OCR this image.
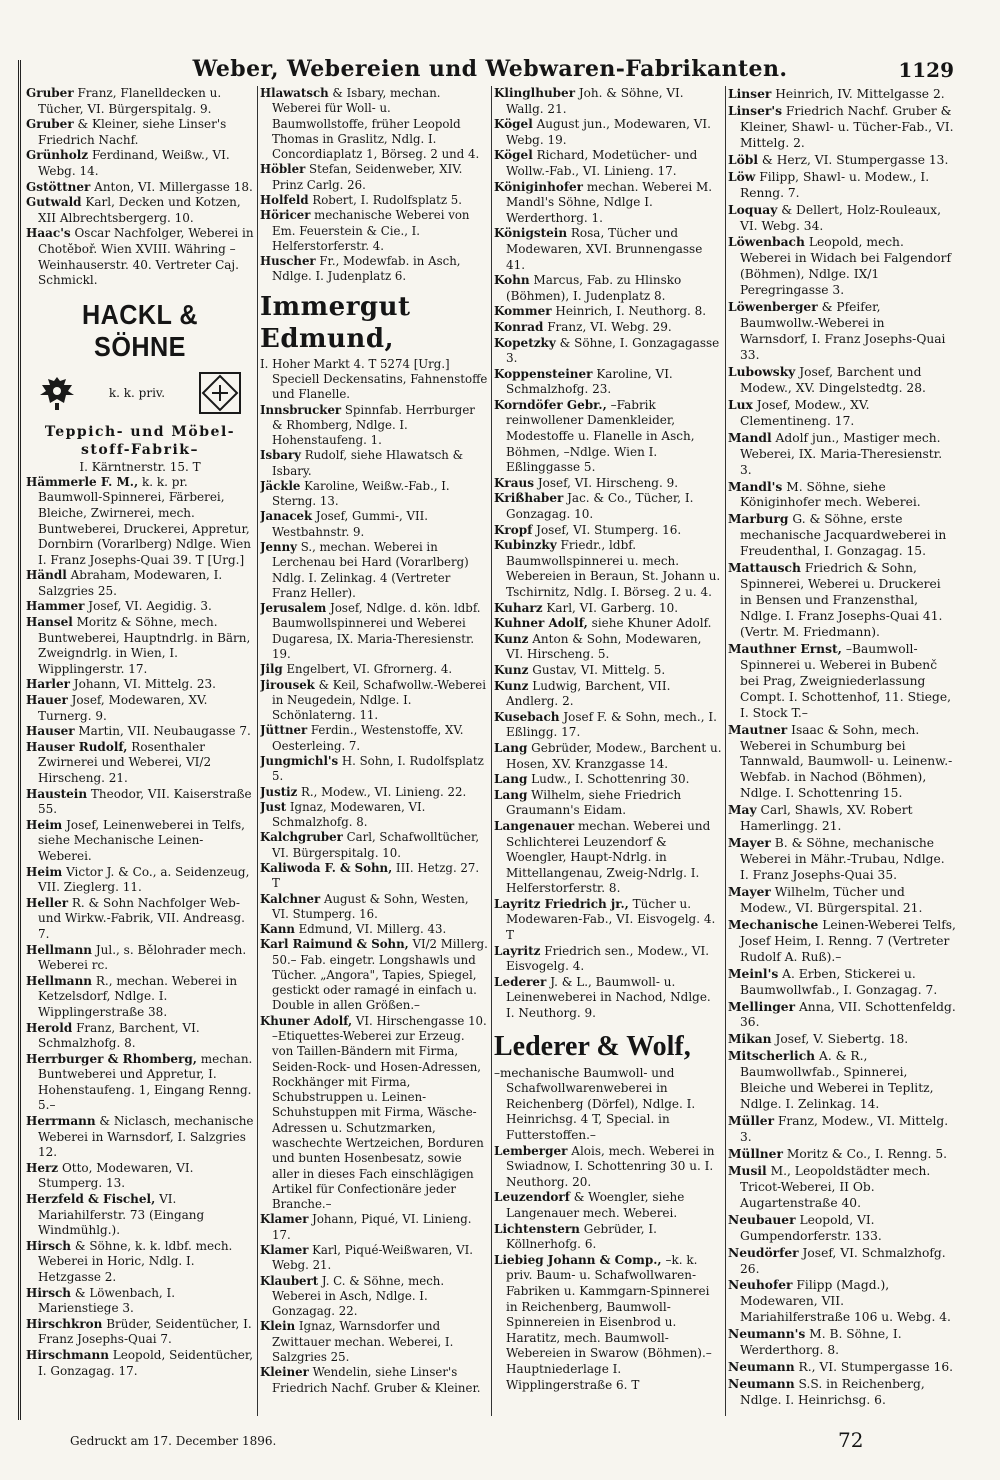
Weber, Webereien und Webwaren-Fabrikanten.	1129

Gruber Franz, Flanelldecken u. Tücher, VI. Bürgerspitalg. 9.

Gruber & Kleiner, siehe Linser's Friedrich Nachf.

Grünholz Ferdinand, Weißw., VI. Webg. 14.

Gstöttner Anton, VI. Millergasse 18.

Gutwald Karl, Decken und Kotzen, XII Albrechtsbergerg. 10.

Haac's Oscar Nachfolger, Weberei in Chotěboř. Wien XVIII. Währing – Weinhauserstr. 40. Vertreter Caj. Schmickl.

HACKL & SÖHNE
k. k. priv.
Teppich- und Möbel-
stoff-Fabrik–
I. Kärntnerstr. 15. T

Hämmerle F. M., k. k. pr. Baumwoll-Spinnerei, Färberei, Bleiche, Zwirnerei, mech. Buntweberei, Druckerei, Appretur, Dornbirn (Vorarlberg) Ndlge. Wien I. Franz Josephs-Quai 39. T [Urg.]

Händl Abraham, Modewaren, I. Salzgries 25.

Hammer Josef, VI. Aegidig. 3.

Hansel Moritz & Söhne, mech. Buntweberei, Hauptndrlg. in Bärn, Zweigndrlg. in Wien, I. Wipplingerstr. 17.

Harler Johann, VI. Mittelg. 23.

Hauer Josef, Modewaren, XV. Turnerg. 9.

Hauser Martin, VII. Neubaugasse 7.

Hauser Rudolf, Rosenthaler Zwirnerei und Weberei, VI/2 Hirscheng. 21.

Haustein Theodor, VII. Kaiserstraße 55.

Heim Josef, Leinenweberei in Telfs, siehe Mechanische Leinen-Weberei.

Heim Victor J. & Co., a. Seidenzeug, VII. Zieglerg. 11.

Heller R. & Sohn Nachfolger Web- und Wirkw.-Fabrik, VII. Andreasg. 7.

Hellmann Jul., s. Bělohrader mech. Weberei rc.

Hellmann R., mechan. Weberei in Ketzelsdorf, Ndlge. I. Wipplingerstraße 38.

Herold Franz, Barchent, VI. Schmalzhofg. 8.

Herrburger & Rhomberg, mechan. Buntweberei und Appretur, I. Hohenstaufeng. 1, Eingang Renng. 5.–

Herrmann & Niclasch, mechanische Weberei in Warnsdorf, I. Salzgries 12.

Herz Otto, Modewaren, VI. Stumperg. 13.

Herzfeld & Fischel, VI. Mariahilferstr. 73 (Eingang Windmühlg.).

Hirsch & Söhne, k. k. ldbf. mech. Weberei in Horic, Ndlg. I. Hetzgasse 2.

Hirsch & Löwenbach, I. Marienstiege 3.

Hirschkron Brüder, Seidentücher, I. Franz Josephs-Quai 7.

Hirschmann Leopold, Seidentücher, I. Gonzagag. 17.

Hlawatsch & Isbary, mechan. Weberei für Woll- u. Baumwollstoffe, früher Leopold Thomas in Graslitz, Ndlg. I. Concordiaplatz 1, Börseg. 2 und 4.

Höbler Stefan, Seidenweber, XIV. Prinz Carlg. 26.

Holfeld Robert, I. Rudolfsplatz 5.

Höricer mechanische Weberei von Em. Feuerstein & Cie., I. Helferstorferstr. 4.

Huscher Fr., Modewfab. in Asch, Ndlge. I. Judenplatz 6.

Immergut Edmund,

I. Hoher Markt 4. T 5274 [Urg.] Speciell Deckensatins, Fahnenstoffe und Flanelle.

Innsbrucker Spinnfab. Herrburger & Rhomberg, Ndlge. I. Hohenstaufeng. 1.

Isbary Rudolf, siehe Hlawatsch & Isbary.

Jäckle Karoline, Weißw.-Fab., I. Sterng. 13.

Janacek Josef, Gummi-, VII. Westbahnstr. 9.

Jenny S., mechan. Weberei in Lerchenau bei Hard (Vorarlberg) Ndlg. I. Zelinkag. 4 (Vertreter Franz Heller).

Jerusalem Josef, Ndlge. d. kön. ldbf. Baumwollspinnerei und Weberei Dugaresa, IX. Maria-Theresienstr. 19.

Jilg Engelbert, VI. Gfrornerg. 4.

Jirousek & Keil, Schafwollw.-Weberei in Neugedein, Ndlge. I. Schönlaterng. 11.

Jüttner Ferdin., Westenstoffe, XV. Oesterleing. 7.

Jungmichl's H. Sohn, I. Rudolfsplatz 5.

Justiz R., Modew., VI. Linieng. 22.

Just Ignaz, Modewaren, VI. Schmalzhofg. 8.

Kalchgruber Carl, Schafwolltücher, VI. Bürgerspitalg. 10.

Kaliwoda F. & Sohn, III. Hetzg. 27. T

Kalchner August & Sohn, Westen, VI. Stumperg. 16.

Kann Edmund, VI. Millerg. 43.

Karl Raimund & Sohn, VI/2 Millerg. 50.– Fab. eingetr. Longshawls und Tücher. „Angora", Tapies, Spiegel, gestickt oder ramagé in einfach u. Double in allen Größen.–

Khuner Adolf, VI. Hirschengasse 10. –Etiquettes-Weberei zur Erzeug. von Taillen-Bändern mit Firma, Seiden-Rock- und Hosen-Adressen, Rockhänger mit Firma, Schubstruppen u. Leinen-Schuhstuppen mit Firma, Wäsche-Adressen u. Schutzmarken, waschechte Wertzeichen, Borduren und bunten Hosenbesatz, sowie aller in dieses Fach einschlägigen Artikel für Confectionäre jeder Branche.–

Klamer Johann, Piqué, VI. Linieng. 17.

Klamer Karl, Piqué-Weißwaren, VI. Webg. 21.

Klaubert J. C. & Söhne, mech. Weberei in Asch, Ndlge. I. Gonzagag. 22.

Klein Ignaz, Warnsdorfer und Zwittauer mechan. Weberei, I. Salzgries 25.

Kleiner Wendelin, siehe Linser's Friedrich Nachf. Gruber & Kleiner.

Klinglhuber Joh. & Söhne, VI. Wallg. 21.

Kögel August jun., Modewaren, VI. Webg. 19.

Kögel Richard, Modetücher- und Wollw.-Fab., VI. Linieng. 17.

Königinhofer mechan. Weberei M. Mandl's Söhne, Ndlge I. Werderthorg. 1.

Königstein Rosa, Tücher und Modewaren, XVI. Brunnengasse 41.

Kohn Marcus, Fab. zu Hlinsko (Böhmen), I. Judenplatz 8.

Kommer Heinrich, I. Neuthorg. 8.

Konrad Franz, VI. Webg. 29.

Kopetzky & Söhne, I. Gonzagagasse 3.

Koppensteiner Karoline, VI. Schmalzhofg. 23.

Korndöfer Gebr., –Fabrik reinwollener Damenkleider, Modestoffe u. Flanelle in Asch, Böhmen, –Ndlge. Wien I. Eßlinggasse 5.

Kraus Josef, VI. Hirscheng. 9.

Krißhaber Jac. & Co., Tücher, I. Gonzagag. 10.

Kropf Josef, VI. Stumperg. 16.

Kubinzky Friedr., ldbf. Baumwollspinnerei u. mech. Webereien in Beraun, St. Johann u. Tschirnitz, Ndlg. I. Börseg. 2 u. 4.

Kuharz Karl, VI. Garberg. 10.

Kuhner Adolf, siehe Khuner Adolf.

Kunz Anton & Sohn, Modewaren, VI. Hirscheng. 5.

Kunz Gustav, VI. Mittelg. 5.

Kunz Ludwig, Barchent, VII. Andlerg. 2.

Kusebach Josef F. & Sohn, mech., I. Eßlingg. 17.

Lang Gebrüder, Modew., Barchent u. Hosen, XV. Kranzgasse 14.

Lang Ludw., I. Schottenring 30.

Lang Wilhelm, siehe Friedrich Graumann's Eidam.

Langenauer mechan. Weberei und Schlichterei Leuzendorf & Woengler, Haupt-Ndrlg. in Mittellangenau, Zweig-Ndrlg. I. Helferstorferstr. 8.

Layritz Friedrich jr., Tücher u. Modewaren-Fab., VI. Eisvogelg. 4. T

Layritz Friedrich sen., Modew., VI. Eisvogelg. 4.

Lederer J. & L., Baumwoll- u. Leinenweberei in Nachod, Ndlge. I. Neuthorg. 9.

Lederer & Wolf,

–mechanische Baumwoll- und Schafwollwarenweberei in Reichenberg (Dörfel), Ndlge. I. Heinrichsg. 4 T, Special. in Futterstoffen.–

Lemberger Alois, mech. Weberei in Swiadnow, I. Schottenring 30 u. I. Neuthorg. 20.

Leuzendorf & Woengler, siehe Langenauer mech. Weberei.

Lichtenstern Gebrüder, I. Köllnerhofg. 6.

Liebieg Johann & Comp., –k. k. priv. Baum- u. Schafwollwaren-Fabriken u. Kammgarn-Spinnerei in Reichenberg, Baumwoll-Spinnereien in Eisenbrod u. Haratitz, mech. Baumwoll-Webereien in Swarow (Böhmen).–Hauptniederlage I. Wipplingerstraße 6. T

Linser Heinrich, IV. Mittelgasse 2.

Linser's Friedrich Nachf. Gruber & Kleiner, Shawl- u. Tücher-Fab., VI. Mittelg. 2.

Löbl & Herz, VI. Stumpergasse 13.

Löw Filipp, Shawl- u. Modew., I. Renng. 7.

Loquay & Dellert, Holz-Rouleaux, VI. Webg. 34.

Löwenbach Leopold, mech. Weberei in Widach bei Falgendorf (Böhmen), Ndlge. IX/1 Peregringasse 3.

Löwenberger & Pfeifer, Baumwollw.-Weberei in Warnsdorf, I. Franz Josephs-Quai 33.

Lubowsky Josef, Barchent und Modew., XV. Dingelstedtg. 28.

Lux Josef, Modew., XV. Clementineng. 17.

Mandl Adolf jun., Mastiger mech. Weberei, IX. Maria-Theresienstr. 3.

Mandl's M. Söhne, siehe Königinhofer mech. Weberei.

Marburg G. & Söhne, erste mechanische Jacquardweberei in Freudenthal, I. Gonzagag. 15.

Mattausch Friedrich & Sohn, Spinnerei, Weberei u. Druckerei in Bensen und Franzensthal, Ndlge. I. Franz Josephs-Quai 41. (Vertr. M. Friedmann).

Mauthner Ernst, –Baumwoll-Spinnerei u. Weberei in Bubenč bei Prag, Zweigniederlassung Compt. I. Schottenhof, 11. Stiege, I. Stock T.–

Mautner Isaac & Sohn, mech. Weberei in Schumburg bei Tannwald, Baumwoll- u. Leinenw.-Webfab. in Nachod (Böhmen), Ndlge. I. Schottenring 15.

May Carl, Shawls, XV. Robert Hamerlingg. 21.

Mayer B. & Söhne, mechanische Weberei in Mähr.-Trubau, Ndlge. I. Franz Josephs-Quai 35.

Mayer Wilhelm, Tücher und Modew., VI. Bürgerspital. 21.

Mechanische Leinen-Weberei Telfs, Josef Heim, I. Renng. 7 (Vertreter Rudolf A. Ruß).–

Meinl's A. Erben, Stickerei u. Baumwollwfab., I. Gonzagag. 7.

Mellinger Anna, VII. Schottenfeldg. 36.

Mikan Josef, V. Siebertg. 18.

Mitscherlich A. & R., Baumwollwfab., Spinnerei, Bleiche und Weberei in Teplitz, Ndlge. I. Zelinkag. 14.

Müller Franz, Modew., VI. Mittelg. 3.

Müllner Moritz & Co., I. Renng. 5.

Musil M., Leopoldstädter mech. Tricot-Weberei, II Ob. Augartenstraße 40.

Neubauer Leopold, VI. Gumpendorferstr. 133.

Neudörfer Josef, VI. Schmalzhofg. 26.

Neuhofer Filipp (Magd.), Modewaren, VII. Mariahilferstraße 106 u. Webg. 4.

Neumann's M. B. Söhne, I. Werderthorg. 8.

Neumann R., VI. Stumpergasse 16.

Neumann S.S. in Reichenberg, Ndlge. I. Heinrichsg. 6.

Gedruckt am 17. December 1896.	72
